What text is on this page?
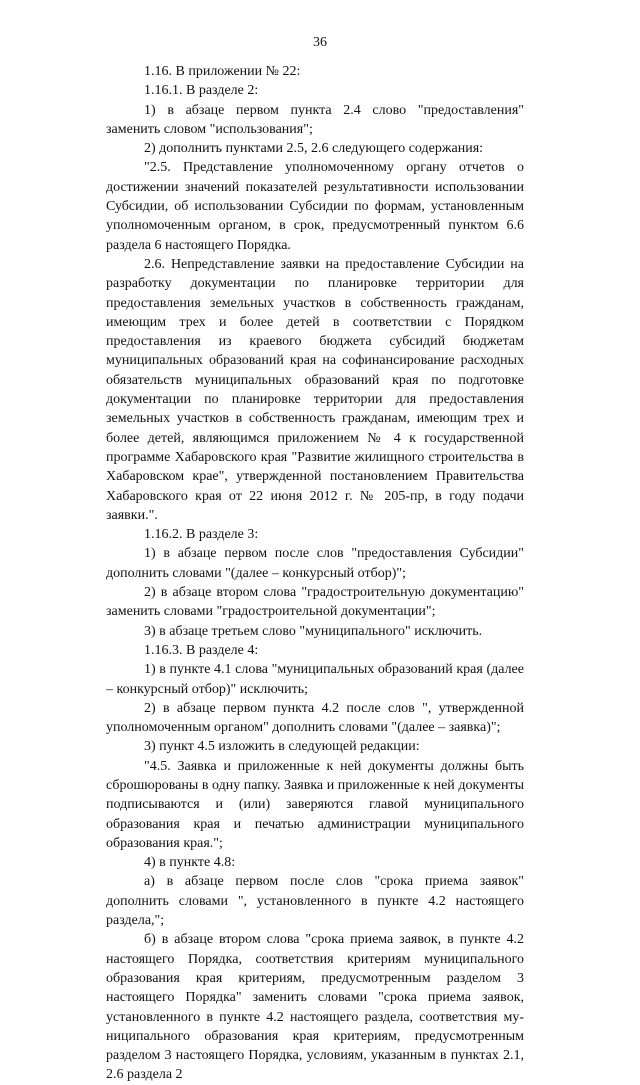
36

1.16. В приложении № 22:

1.16.1. В разделе 2:

1) в абзаце первом пункта 2.4 слово "предоставления" заменить словом "использования";

2) дополнить пунктами 2.5, 2.6 следующего содержания:

"2.5. Представление уполномоченному органу отчетов о достижении значений показателей результативности использовании Субсидии, об использовании Субсидии по формам, установленным уполномоченным органом, в срок, предусмотренный пунктом 6.6 раздела 6 настоящего Порядка.

2.6. Непредставление заявки на предоставление Субсидии на разработку документации по планировке территории для предоставления земельных участков в собственность гражданам, имеющим трех и более детей в соответствии с Порядком предоставления из краевого бюджета субсидий бюджетам муниципальных образований края на софинансирование расходных обязательств муниципальных образований края по подготовке документации по планировке территории для предоставления земельных участков в собственность гражданам, имеющим трех и более детей, являющимся приложением № 4 к государственной программе Хабаровского края "Развитие жилищного строительства в Хабаровском крае", утвержденной постановлением Правительства Хабаровского края от 22 июня 2012 г. № 205-пр, в году подачи заявки.".

1.16.2. В разделе 3:

1) в абзаце первом после слов "предоставления Субсидии" дополнить словами "(далее – конкурсный отбор)";

2) в абзаце втором слова "градостроительную документацию" заменить словами "градостроительной документации";

3) в абзаце третьем слово "муниципального" исключить.

1.16.3. В разделе 4:

1) в пункте 4.1 слова "муниципальных образований края (далее – конкурсный отбор)" исключить;

2) в абзаце первом пункта 4.2 после слов ", утвержденной уполномоченным органом" дополнить словами "(далее – заявка)";

3) пункт 4.5 изложить в следующей редакции:

"4.5. Заявка и приложенные к ней документы должны быть сброшюрованы в одну папку. Заявка и приложенные к ней документы подписываются и (или) заверяются главой муниципального образования края и печатью администрации муниципального образования края.";

4) в пункте 4.8:

а) в абзаце первом после слов "срока приема заявок" дополнить словами ", установленного в пункте 4.2 настоящего раздела,";

б) в абзаце втором слова "срока приема заявок, в пункте 4.2 настоящего Порядка, соответствия критериям муниципального образования края критериям, предусмотренным разделом 3 настоящего Порядка" заменить словами "срока приема заявок, установленного в пункте 4.2 настоящего раздела, соответствия муниципального образования края критериям, предусмотренным разделом 3 настоящего Порядка, условиям, указанным в пунктах 2.1, 2.6 раздела 2
